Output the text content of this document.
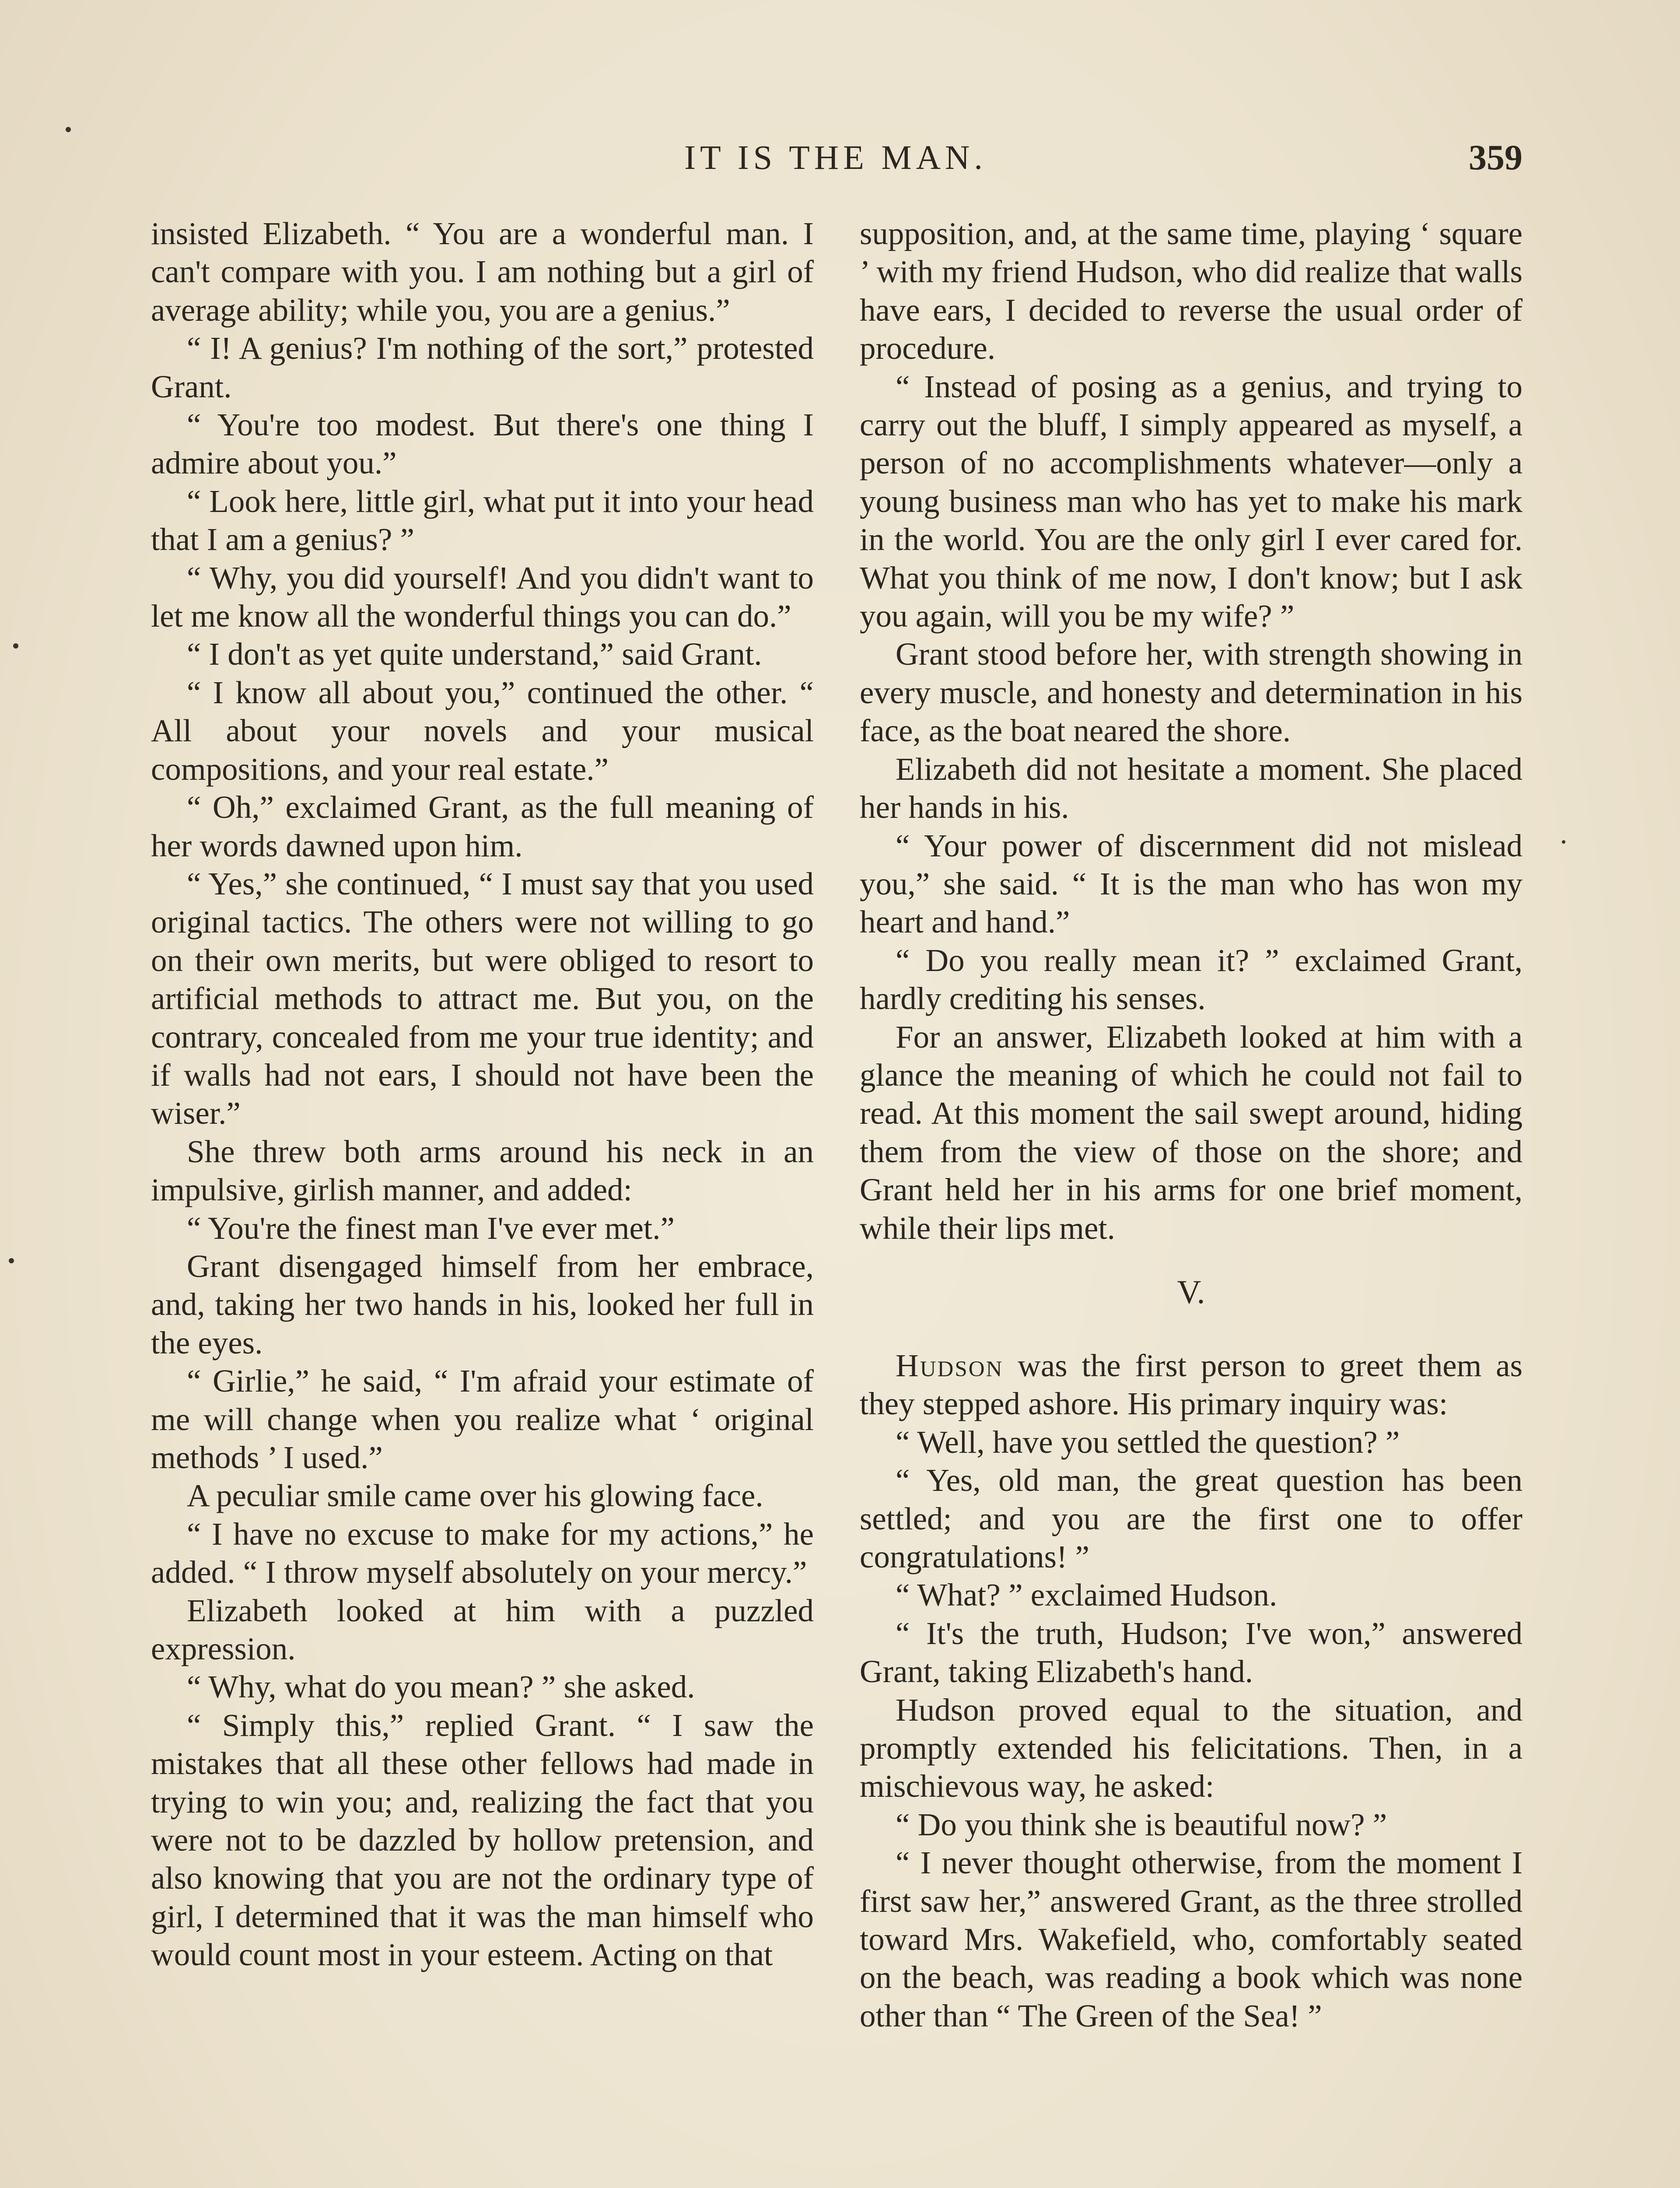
IT IS THE MAN.	359

insisted Elizabeth. “ You are a wonderful man. I can't compare with you. I am nothing but a girl of average ability; while you, you are a genius.”

“ I! A genius? I'm nothing of the sort,” protested Grant.

“ You're too modest. But there's one thing I admire about you.”

“ Look here, little girl, what put it into your head that I am a genius? ”

“ Why, you did yourself! And you didn't want to let me know all the wonderful things you can do.”

“ I don't as yet quite understand,” said Grant.

“ I know all about you,” continued the other. “ All about your novels and your musical compositions, and your real estate.”

“ Oh,” exclaimed Grant, as the full meaning of her words dawned upon him.

“ Yes,” she continued, “ I must say that you used original tactics. The others were not willing to go on their own merits, but were obliged to resort to artificial methods to attract me. But you, on the contrary, concealed from me your true identity; and if walls had not ears, I should not have been the wiser.”

She threw both arms around his neck in an impulsive, girlish manner, and added:

“ You're the finest man I've ever met.”

Grant disengaged himself from her embrace, and, taking her two hands in his, looked her full in the eyes.

“ Girlie,” he said, “ I'm afraid your estimate of me will change when you realize what ‘ original methods ’ I used.”

A peculiar smile came over his glowing face.

“ I have no excuse to make for my actions,” he added. “ I throw myself absolutely on your mercy.”

Elizabeth looked at him with a puzzled expression.

“ Why, what do you mean? ” she asked.

“ Simply this,” replied Grant. “ I saw the mistakes that all these other fellows had made in trying to win you; and, realizing the fact that you were not to be dazzled by hollow pretension, and also knowing that you are not the ordinary type of girl, I determined that it was the man himself who would count most in your esteem. Acting on that

supposition, and, at the same time, playing ‘ square ’ with my friend Hudson, who did realize that walls have ears, I decided to reverse the usual order of procedure.

“ Instead of posing as a genius, and trying to carry out the bluff, I simply appeared as myself, a person of no accomplishments whatever—only a young business man who has yet to make his mark in the world. You are the only girl I ever cared for. What you think of me now, I don't know; but I ask you again, will you be my wife? ”

Grant stood before her, with strength showing in every muscle, and honesty and determination in his face, as the boat neared the shore.

Elizabeth did not hesitate a moment. She placed her hands in his.

“ Your power of discernment did not mislead you,” she said. “ It is the man who has won my heart and hand.”

“ Do you really mean it? ” exclaimed Grant, hardly crediting his senses.

For an answer, Elizabeth looked at him with a glance the meaning of which he could not fail to read. At this moment the sail swept around, hiding them from the view of those on the shore; and Grant held her in his arms for one brief moment, while their lips met.

V.

Hudson was the first person to greet them as they stepped ashore. His primary inquiry was:

“ Well, have you settled the question? ”

“ Yes, old man, the great question has been settled; and you are the first one to offer congratulations! ”

“ What? ” exclaimed Hudson.

“ It's the truth, Hudson; I've won,” answered Grant, taking Elizabeth's hand.

Hudson proved equal to the situation, and promptly extended his felicitations. Then, in a mischievous way, he asked:

“ Do you think she is beautiful now? ”

“ I never thought otherwise, from the moment I first saw her,” answered Grant, as the three strolled toward Mrs. Wakefield, who, comfortably seated on the beach, was reading a book which was none other than “ The Green of the Sea! ”
